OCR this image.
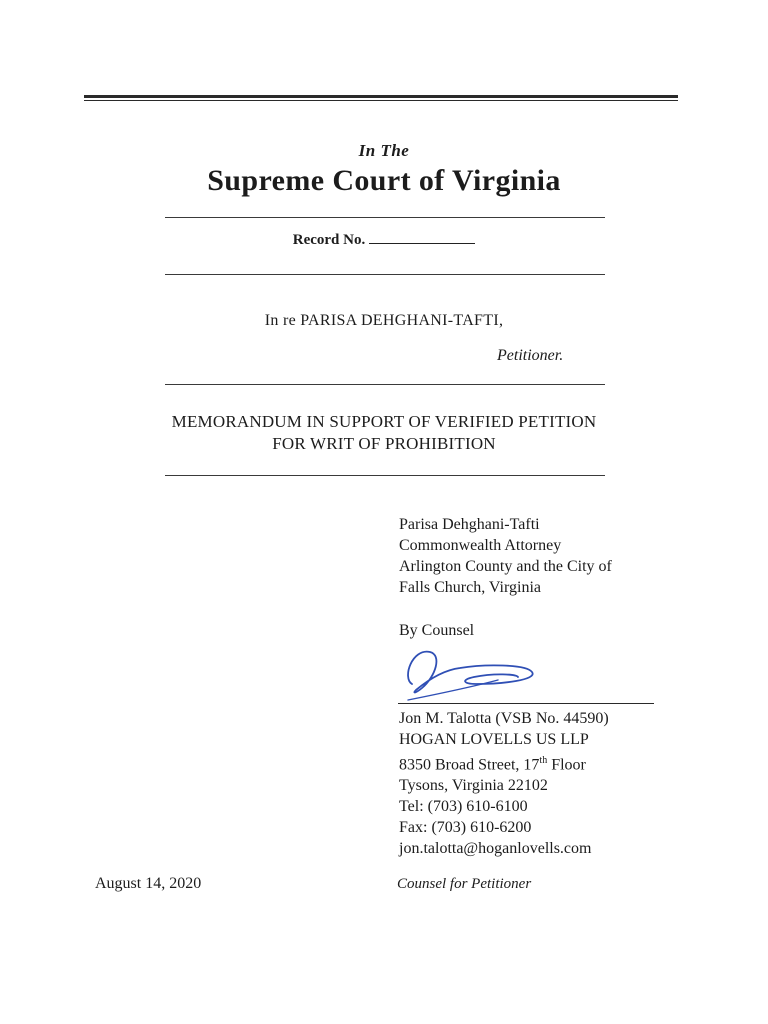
In The
Supreme Court of Virginia
Record No.
In re PARISA DEHGHANI-TAFTI,
Petitioner.
MEMORANDUM IN SUPPORT OF VERIFIED PETITION
FOR WRIT OF PROHIBITION
Parisa Dehghani-Tafti
Commonwealth Attorney
Arlington County and the City of
Falls Church, Virginia
By Counsel
Jon M. Talotta (VSB No. 44590)
HOGAN LOVELLS US LLP
8350 Broad Street, 17th Floor
Tysons, Virginia 22102
Tel: (703) 610-6100
Fax: (703) 610-6200
jon.talotta@hoganlovells.com
August 14, 2020	Counsel for Petitioner
